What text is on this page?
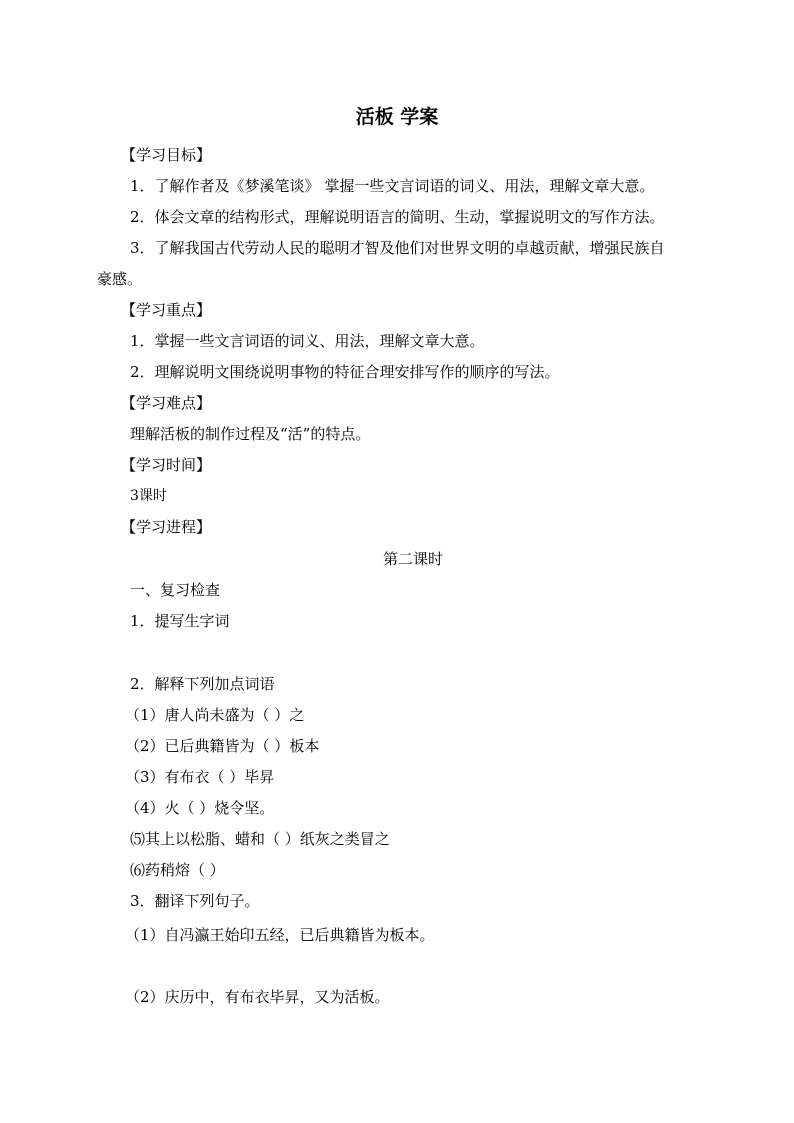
活板 学案
【学习目标】
1．了解作者及《梦溪笔谈》 掌握一些文言词语的词义、用法，理解文章大意。
2．体会文章的结构形式，理解说明语言的简明、生动，掌握说明文的写作方法。
3．了解我国古代劳动人民的聪明才智及他们对世界文明的卓越贡献，增强民族自
豪感。
【学习重点】
1．掌握一些文言词语的词义、用法，理解文章大意。
2．理解说明文围绕说明事物的特征合理安排写作的顺序的写法。
【学习难点】
理解活板的制作过程及“活”的特点。
【学习时间】
3课时
【学习进程】
第二课时
一、复习检查
1．提写生字词
2．解释下列加点词语
（1）唐人尚未盛为（ ）之
（2）已后典籍皆为（ ）板本
（3）有布衣（ ）毕昇
（4）火（ ）烧令坚。
⑸其上以松脂、蜡和（ ）纸灰之类冒之
⑹药稍熔（ ）
3．翻译下列句子。
（1）自冯瀛王始印五经，已后典籍皆为板本。
（2）庆历中，有布衣毕昇，又为活板。
